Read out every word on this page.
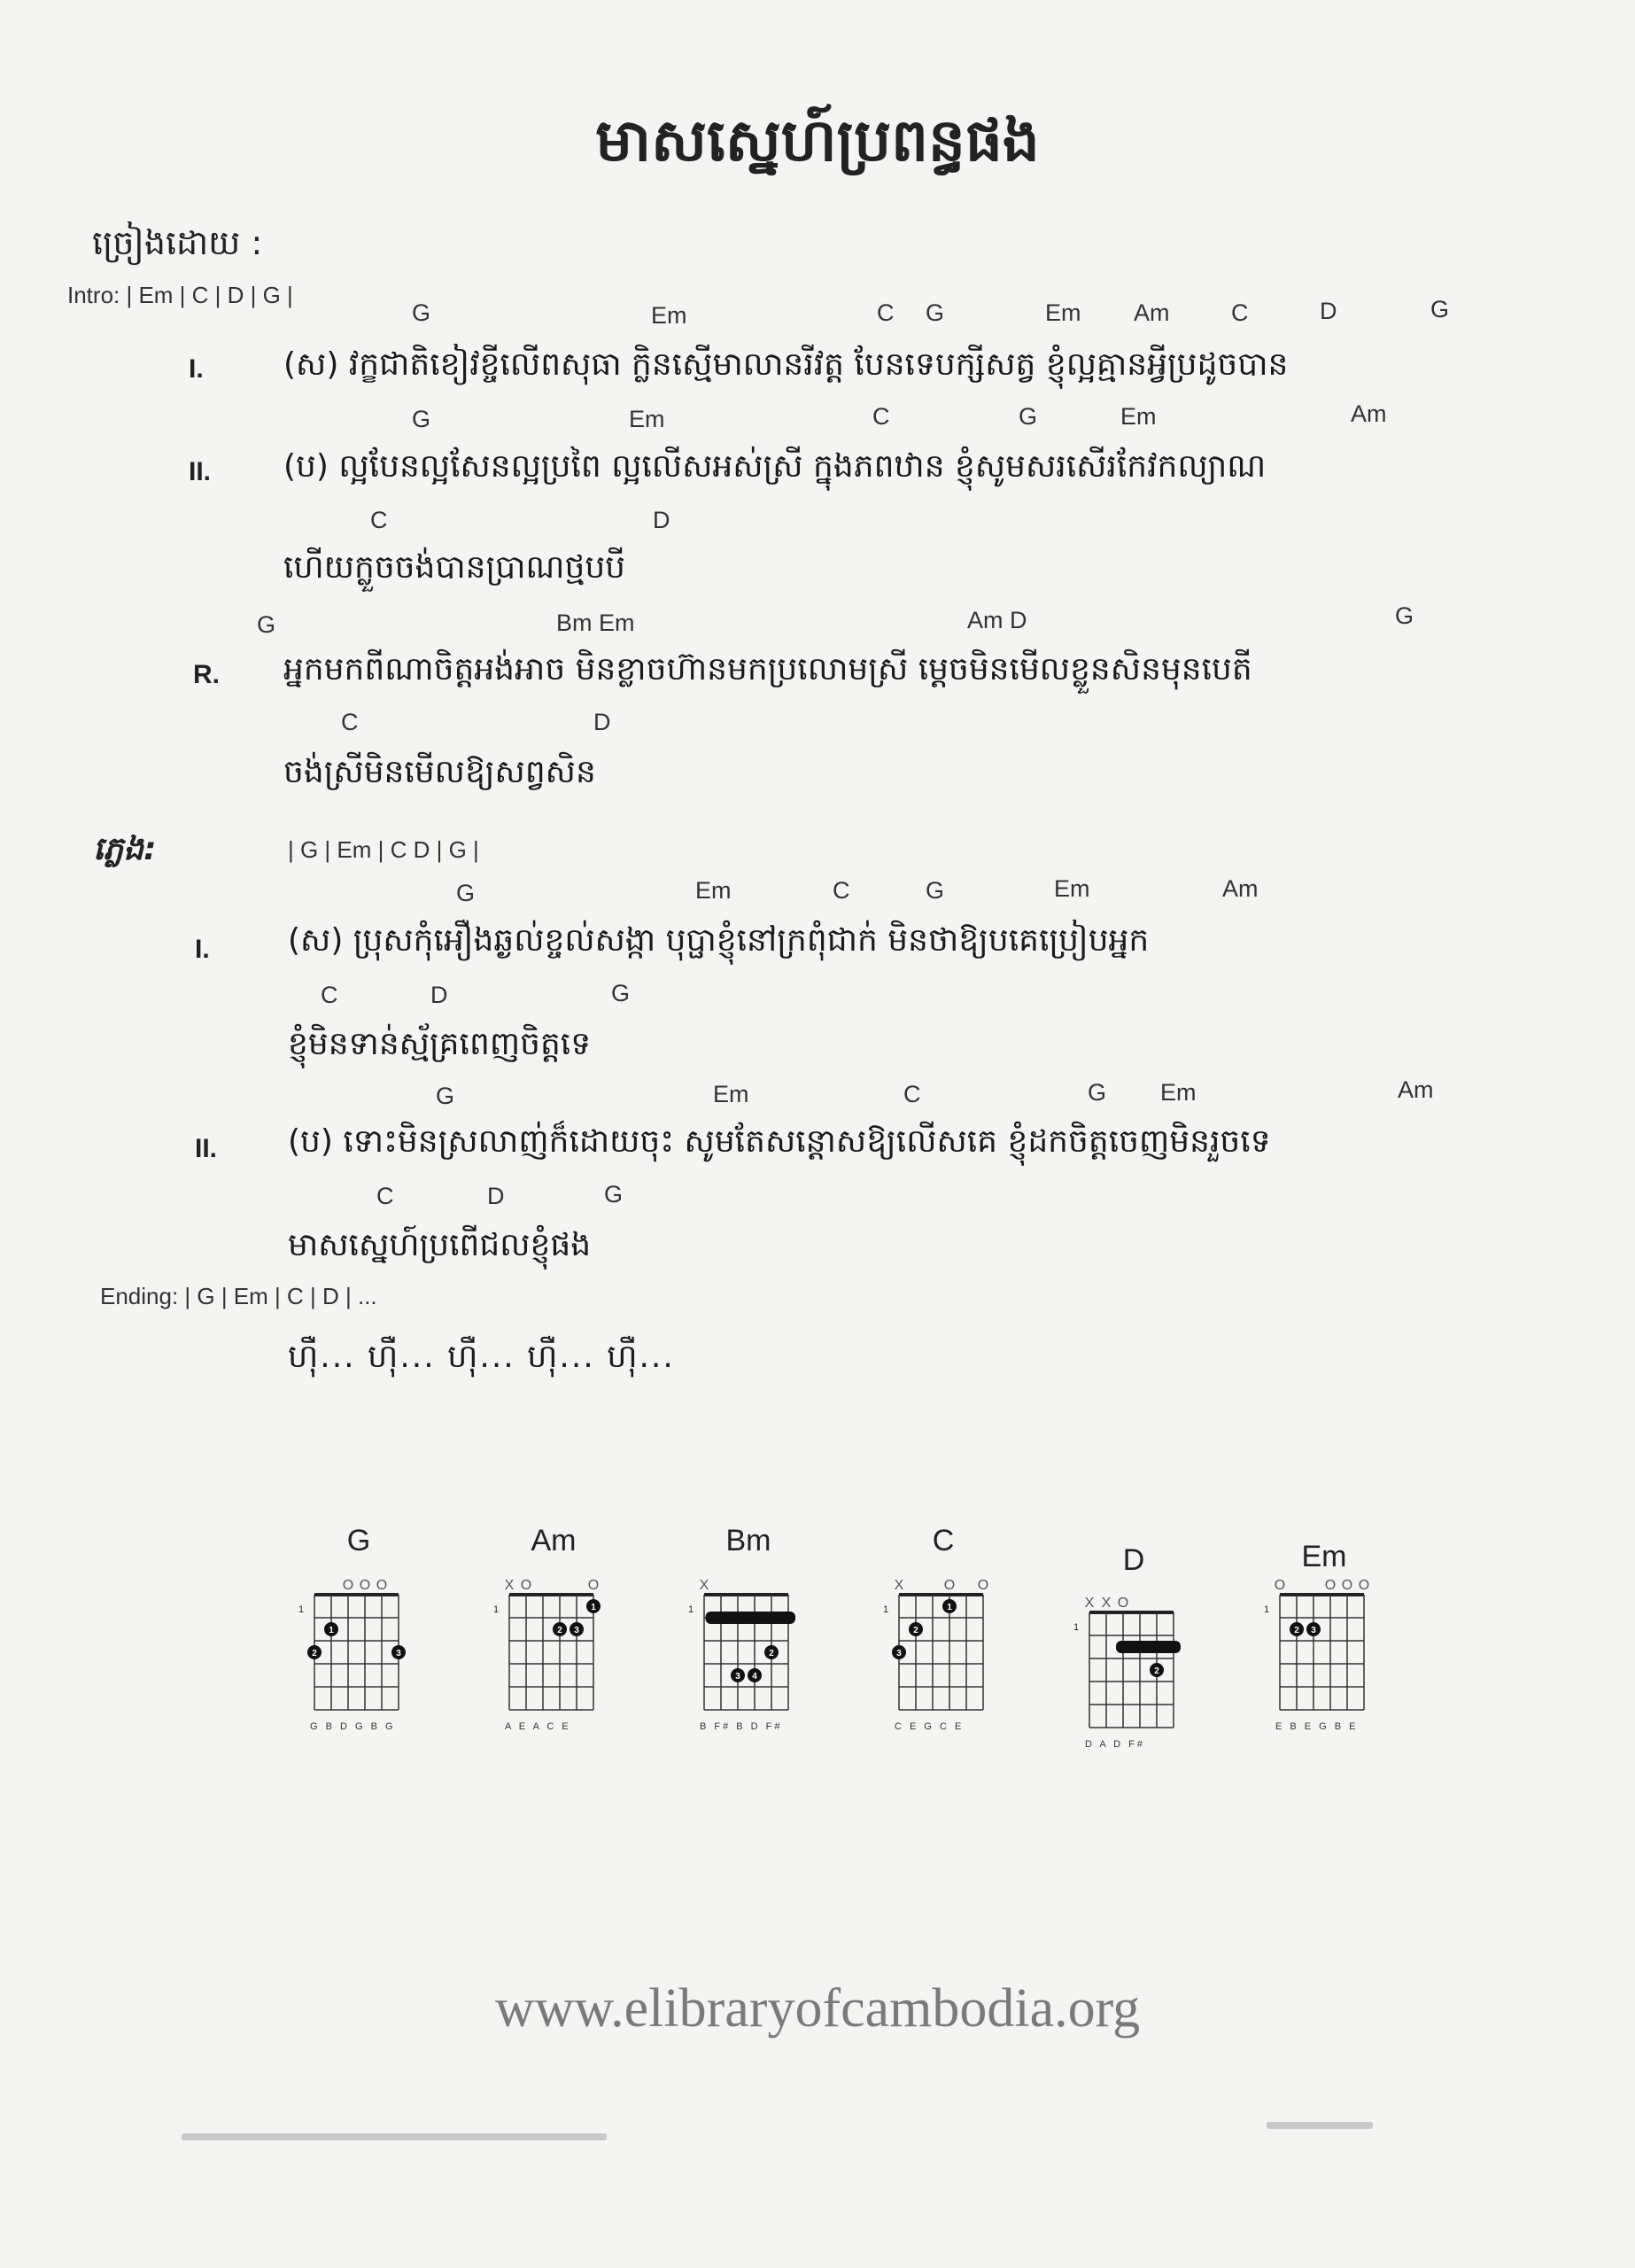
មាសស្នេហ៍ប្រពន្ធផង
ច្រៀងដោយ :
Intro: | Em | C | D | G |
G	Em	C G	Em Am	C	D	G
I.	(ស) វក្ខជាតិខៀវខ្ចីលើពសុធា ក្លិនស្មើមាលានរីវត្ត បែនទេបក្សីសត្វ ខ្ញុំល្អគ្មានអ្វីប្រដូចបាន
G	Em	C	G	Em	Am
II. (ប) ល្អបែនល្អសែនល្អប្រពៃ ល្អលើសអស់ស្រី ក្នុងភពឋាន ខ្ញុំសូមសរសើរកែវកល្យាណ
C	D
ហើយក្លួចចង់បានប្រាណថ្មបបី
G	Bm Em	Am D	G
R. អ្នកមកពីណាចិត្តអង់អាច មិនខ្លាចហ៊ានមកប្រលោមស្រី ម្ដេចមិនមើលខ្លួនសិនមុនបេតី
C	D
ចង់ស្រីមិនមើលឱ្យសព្វសិន
ភ្លេង:	| G | Em | C D | G |
G	Em	C	G	Em	Am
I. (ស) ប្រុសកុំអឿងឆ្ងល់ខ្ចល់សង្កា បុប្ផាខ្ញុំនៅក្រពុំជាក់ មិនថាឱ្យបគេប្រៀបអ្នក
C	D	G
ខ្ញុំមិនទាន់ស្ម័គ្រពេញចិត្តទេ
G	Em	C	G Em	Am
II. (ប) ទោះមិនស្រលាញ់ក៏ដោយចុះ សូមតែសន្តោសឱ្យលើសគេ ខ្ញុំដកចិត្តចេញមិនរួចទេ
C	D	G
មាសស្នេហ៍ប្រពើជលខ្ញុំផង
Ending: | G | Em | C | D | ...
ហ៊ឺ... ហ៊ឺ... ហ៊ឺ... ហ៊ឺ... ហ៊ឺ...
G
1
O O O
1
2	3
G B D G B G
Am
1
X O	O
2 3
1
A E A C E
Bm
1
X
3 4
2
B F# B D F#
C
1
X	O O
3
2
1
C E G C E
D
1
X X O
2
D A D F#
Em
1
O	O O O
2 3
E B E G B E
www.elibraryofcambodia.org
